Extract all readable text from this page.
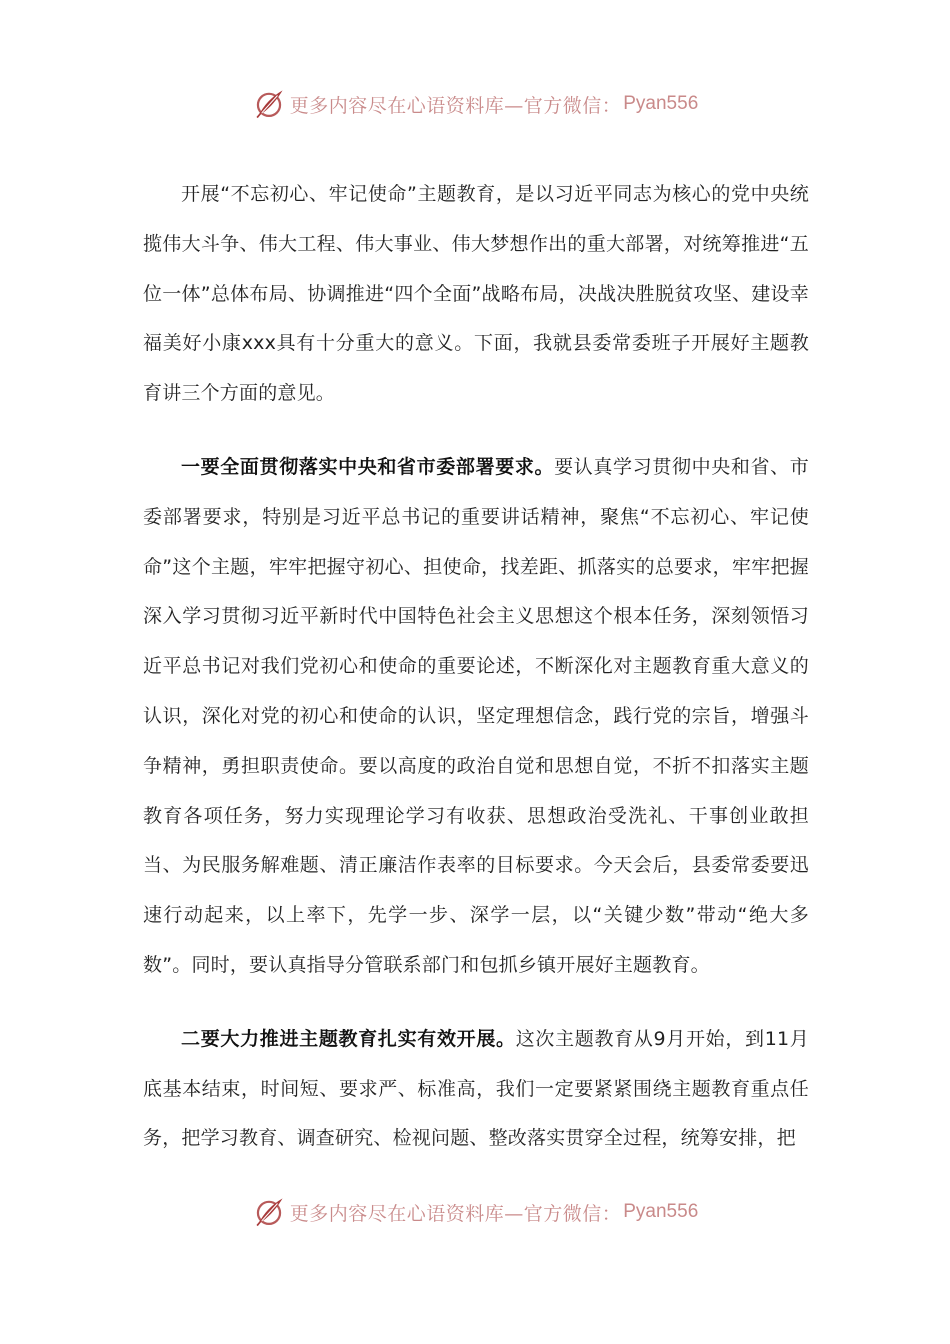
更多内容尽在心语资料库 —官方微信： Pyan556

开展“不忘初心、牢记使命”主题教育，是以习近平同志为核心的党中央统揽伟大斗争、伟大工程、伟大事业、伟大梦想作出的重大部署，对统筹推进“五位一体”总体布局、协调推进“四个全面”战略布局，决战决胜脱贫攻坚、建设幸福美好小康xxx具有十分重大的意义。下面，我就县委常委班子开展好主题教育讲三个方面的意见。

一要全面贯彻落实中央和省市委部署要求。要认真学习贯彻中央和省、市委部署要求，特别是习近平总书记的重要讲话精神，聚焦“不忘初心、牢记使命”这个主题，牢牢把握守初心、担使命，找差距、抓落实的总要求，牢牢把握深入学习贯彻习近平新时代中国特色社会主义思想这个根本任务，深刻领悟习近平总书记对我们党初心和使命的重要论述，不断深化对主题教育重大意义的认识，深化对党的初心和使命的认识，坚定理想信念，践行党的宗旨，增强斗争精神，勇担职责使命。要以高度的政治自觉和思想自觉，不折不扣落实主题教育各项任务，努力实现理论学习有收获、思想政治受洗礼、干事创业敢担当、为民服务解难题、清正廉洁作表率的目标要求。今天会后，县委常委要迅速行动起来，以上率下，先学一步、深学一层，以“关键少数”带动“绝大多数”。同时，要认真指导分管联系部门和包抓乡镇开展好主题教育。

二要大力推进主题教育扎实有效开展。这次主题教育从9月开始，到11月底基本结束，时间短、要求严、标准高，我们一定要紧紧围绕主题教育重点任务，把学习教育、调查研究、检视问题、整改落实贯穿全过程，统筹安排，把

更多内容尽在心语资料库 —官方微信： Pyan556
